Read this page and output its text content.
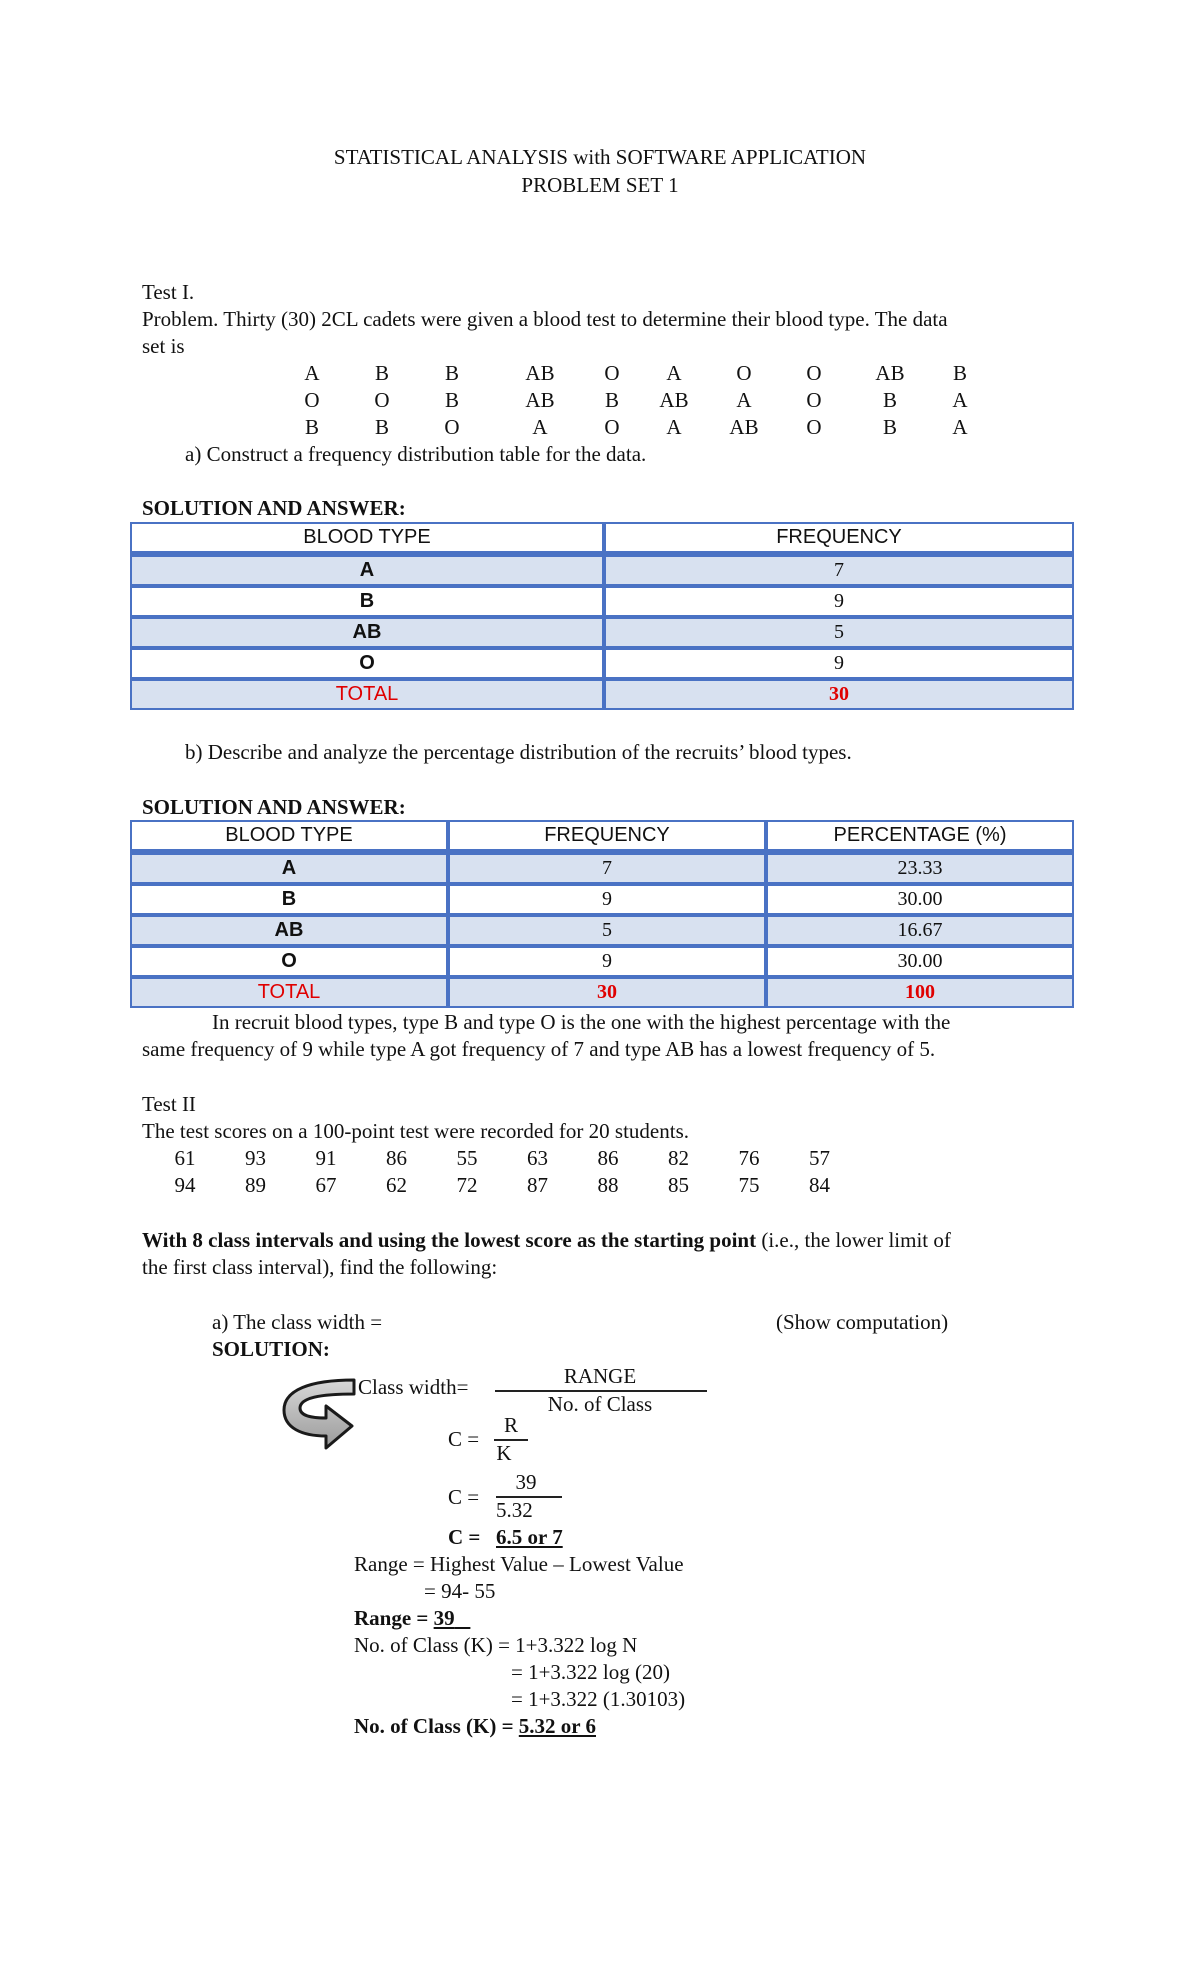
STATISTICAL ANALYSIS with SOFTWARE APPLICATION
PROBLEM SET 1
Test I.
Problem. Thirty (30) 2CL cadets were given a blood test to determine their blood type. The data
set is
A	B	B	AB	O	A	O	O	AB	B
O	O	B	AB	B	AB	A	O	B	A
B	B	O	A	O	A	AB	O	B	A
a) Construct a frequency distribution table for the data.
SOLUTION AND ANSWER:
BLOOD TYPE	FREQUENCY
A	7
B	9
AB	5
O	9
TOTAL	30
b) Describe and analyze the percentage distribution of the recruits’ blood types.
SOLUTION AND ANSWER:
BLOOD TYPE	FREQUENCY	PERCENTAGE (%)
A	7	23.33
B	9	30.00
AB	5	16.67
O	9	30.00
TOTAL	30	100
In recruit blood types, type B and type O is the one with the highest percentage with the
same frequency of 9 while type A got frequency of 7 and type AB has a lowest frequency of 5.
Test II
The test scores on a 100-point test were recorded for 20 students.
61	93	91	86	55	63	86	82	76	57
94	89	67	62	72	87	88	85	75	84
With 8 class intervals and using the lowest score as the starting point (i.e., the lower limit of
the first class interval), find the following:
a) The class width =	(Show computation)
SOLUTION:
Class width=	RANGE
No. of Class
C =
R
K
C =
39
5.32
C = 6.5 or 7
Range = Highest Value – Lowest Value
= 94- 55
Range = 39
No. of Class (K) = 1+3.322 log N
= 1+3.322 log (20)
= 1+3.322 (1.30103)
No. of Class (K) = 5.32 or 6
